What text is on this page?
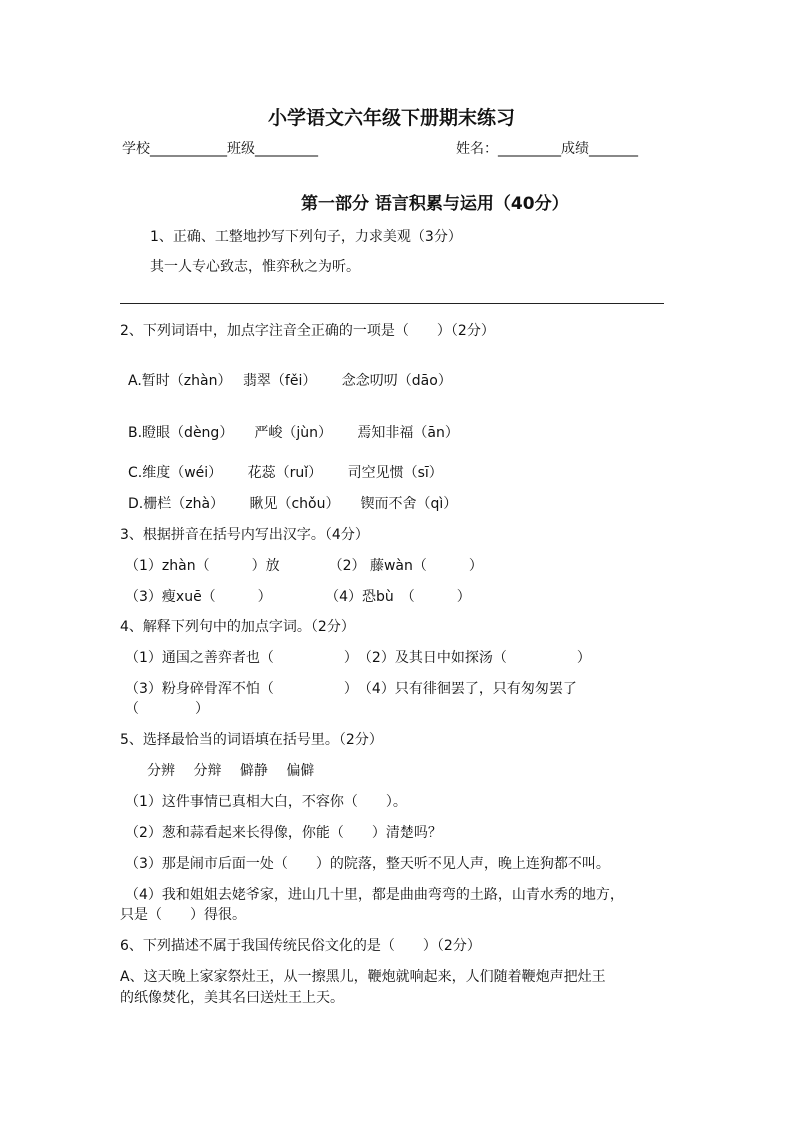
小学语文六年级下册期末练习
学校___________班级_________	姓名：_________成绩_______
第一部分 语言积累与运用（40分）
1、正确、工整地抄写下列句子，力求美观（3分）
其一人专心致志，惟弈秋之为听。
2、下列词语中，加点字注音全正确的一项是（　　）（2分）
A.暂时（zhàn）　 翡翠（fěi）　　 念念叨叨（dāo）
B.瞪眼（dèng）　　严峻（jùn）　　 焉知非福（ān）
C.维度（wéi）　　 花蕊（ruǐ）　　 司空见惯（sī）
D.栅栏（zhà）　　 瞅见（chǒu）　　锲而不舍（qì）
3、根据拼音在括号内写出汉字。（4分）
（1）zhàn（　　　）放　　　　（2） 藤wàn（　　　）
（3）瘦xuē（　　　）　　　　 （4）恐bù　（　　　）
4、解释下列句中的加点字词。（2分）
（1）通国之善弈者也（　　　　　）　（2）及其日中如探汤（　　　　　）
（3）粉身碎骨浑不怕（　　　　　）　（4）只有徘徊罢了，只有匆匆罢了
（　　　　）
5、选择最恰当的词语填在括号里。（2分）
分辨　 分辩　 僻静　 偏僻
（1）这件事情已真相大白，不容你（　　）。
（2）葱和蒜看起来长得像，你能（　　）清楚吗？
（3）那是闹市后面一处（　　）的院落，整天听不见人声，晚上连狗都不叫。
（4）我和姐姐去姥爷家，进山几十里，都是曲曲弯弯的土路，山青水秀的地方，
只是（　　）得很。
6、下列描述不属于我国传统民俗文化的是（　　）（2分）
A、这天晚上家家祭灶王，从一擦黑儿，鞭炮就响起来，人们随着鞭炮声把灶王
的纸像焚化，美其名曰送灶王上天。
